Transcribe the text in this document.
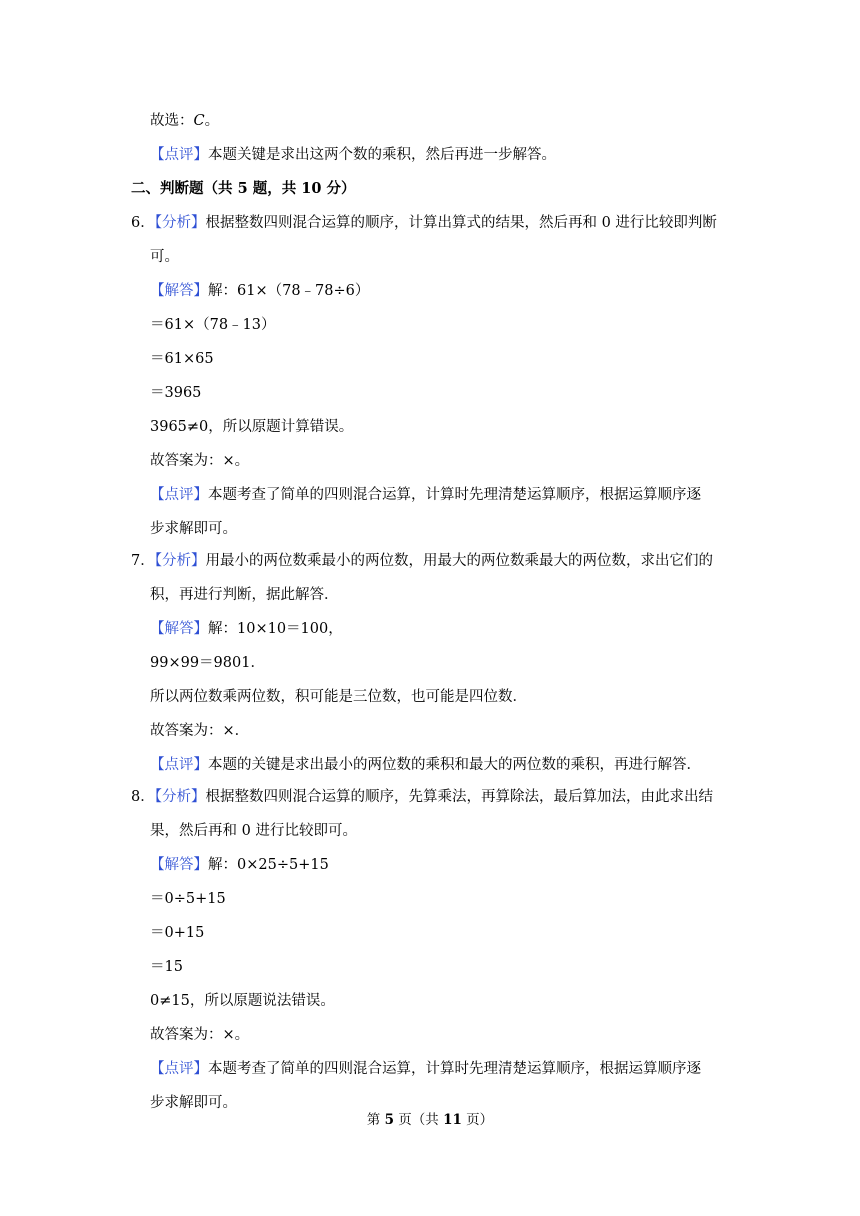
故选：C。
【点评】本题关键是求出这两个数的乘积，然后再进一步解答。
二、判断题（共 5 题，共 10 分）
6．【分析】根据整数四则混合运算的顺序，计算出算式的结果，然后再和 0 进行比较即判断
可。
【解答】解：61×（78﹣78÷6）
＝61×（78﹣13）
＝61×65
＝3965
3965≠0，所以原题计算错误。
故答案为：×。
【点评】本题考查了简单的四则混合运算，计算时先理清楚运算顺序，根据运算顺序逐
步求解即可。
7．【分析】用最小的两位数乘最小的两位数，用最大的两位数乘最大的两位数，求出它们的
积，再进行判断，据此解答．
【解答】解：10×10＝100，
99×99＝9801．
所以两位数乘两位数，积可能是三位数，也可能是四位数．
故答案为：×．
【点评】本题的关键是求出最小的两位数的乘积和最大的两位数的乘积，再进行解答．
8．【分析】根据整数四则混合运算的顺序，先算乘法，再算除法，最后算加法，由此求出结
果，然后再和 0 进行比较即可。
【解答】解：0×25÷5+15
＝0÷5+15
＝0+15
＝15
0≠15，所以原题说法错误。
故答案为：×。
【点评】本题考查了简单的四则混合运算，计算时先理清楚运算顺序，根据运算顺序逐
步求解即可。
第 5 页（共 11 页）
